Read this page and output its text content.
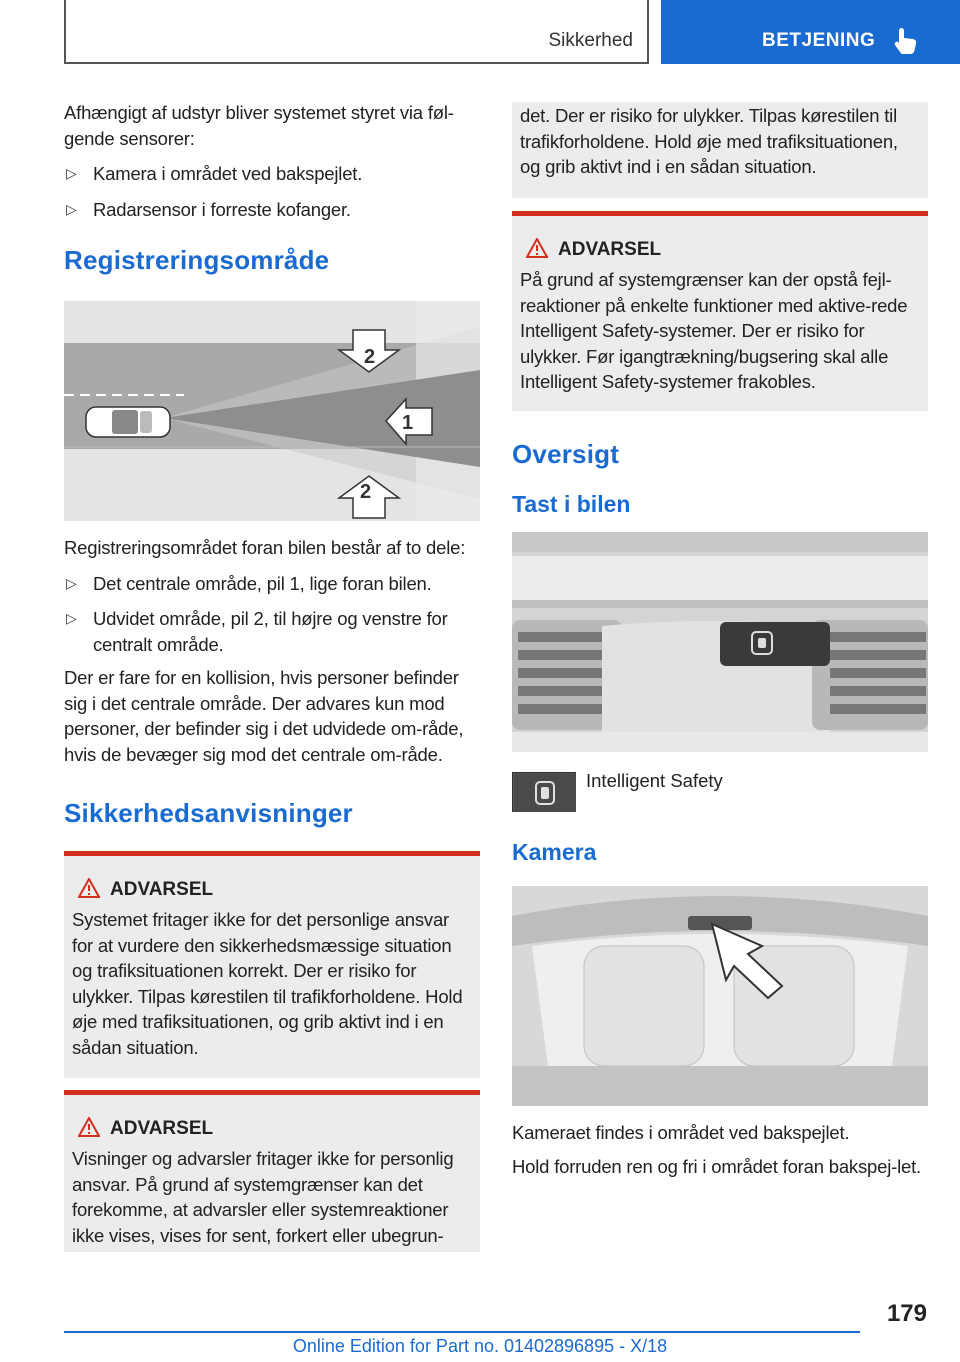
Sikkerhed	BETJENING

Afhængigt af udstyr bliver systemet styret via føl-gende sensorer:

▷ Kamera i området ved bakspejlet.
▷ Radarsensor i forreste kofanger.
Registreringsområde
2
1
2

Registreringsområdet foran bilen består af to dele:

▷ Det centrale område, pil 1, lige foran bilen.
▷ Udvidet område, pil 2, til højre og venstre for centralt område.

Der er fare for en kollision, hvis personer befinder sig i det centrale område. Der advares kun mod personer, der befinder sig i det udvidede om-råde, hvis de bevæger sig mod det centrale om-råde.

Sikkerhedsanvisninger
ADVARSEL

Systemet fritager ikke for det personlige ansvar for at vurdere den sikkerhedsmæssige situation og trafiksituationen korrekt. Der er risiko for ulykker. Tilpas kørestilen til trafikforholdene. Hold øje med trafiksituationen, og grib aktivt ind i en sådan situation.

ADVARSEL

Visninger og advarsler fritager ikke for personlig ansvar. På grund af systemgrænser kan det forekomme, at advarsler eller systemreaktioner ikke vises, vises for sent, forkert eller ubegrun-

det. Der er risiko for ulykker. Tilpas kørestilen til trafikforholdene. Hold øje med trafiksituationen, og grib aktivt ind i en sådan situation.

ADVARSEL

På grund af systemgrænser kan der opstå fejl-reaktioner på enkelte funktioner med aktive-rede Intelligent Safety-systemer. Der er risiko for ulykker. Før igangtrækning/bugsering skal alle Intelligent Safety-systemer frakobles.

Oversigt
Tast i bilen
Intelligent Safety
Kamera

Kameraet findes i området ved bakspejlet.

Hold forruden ren og fri i området foran bakspej-let.

179
Online Edition for Part no. 01402896895 - X/18
